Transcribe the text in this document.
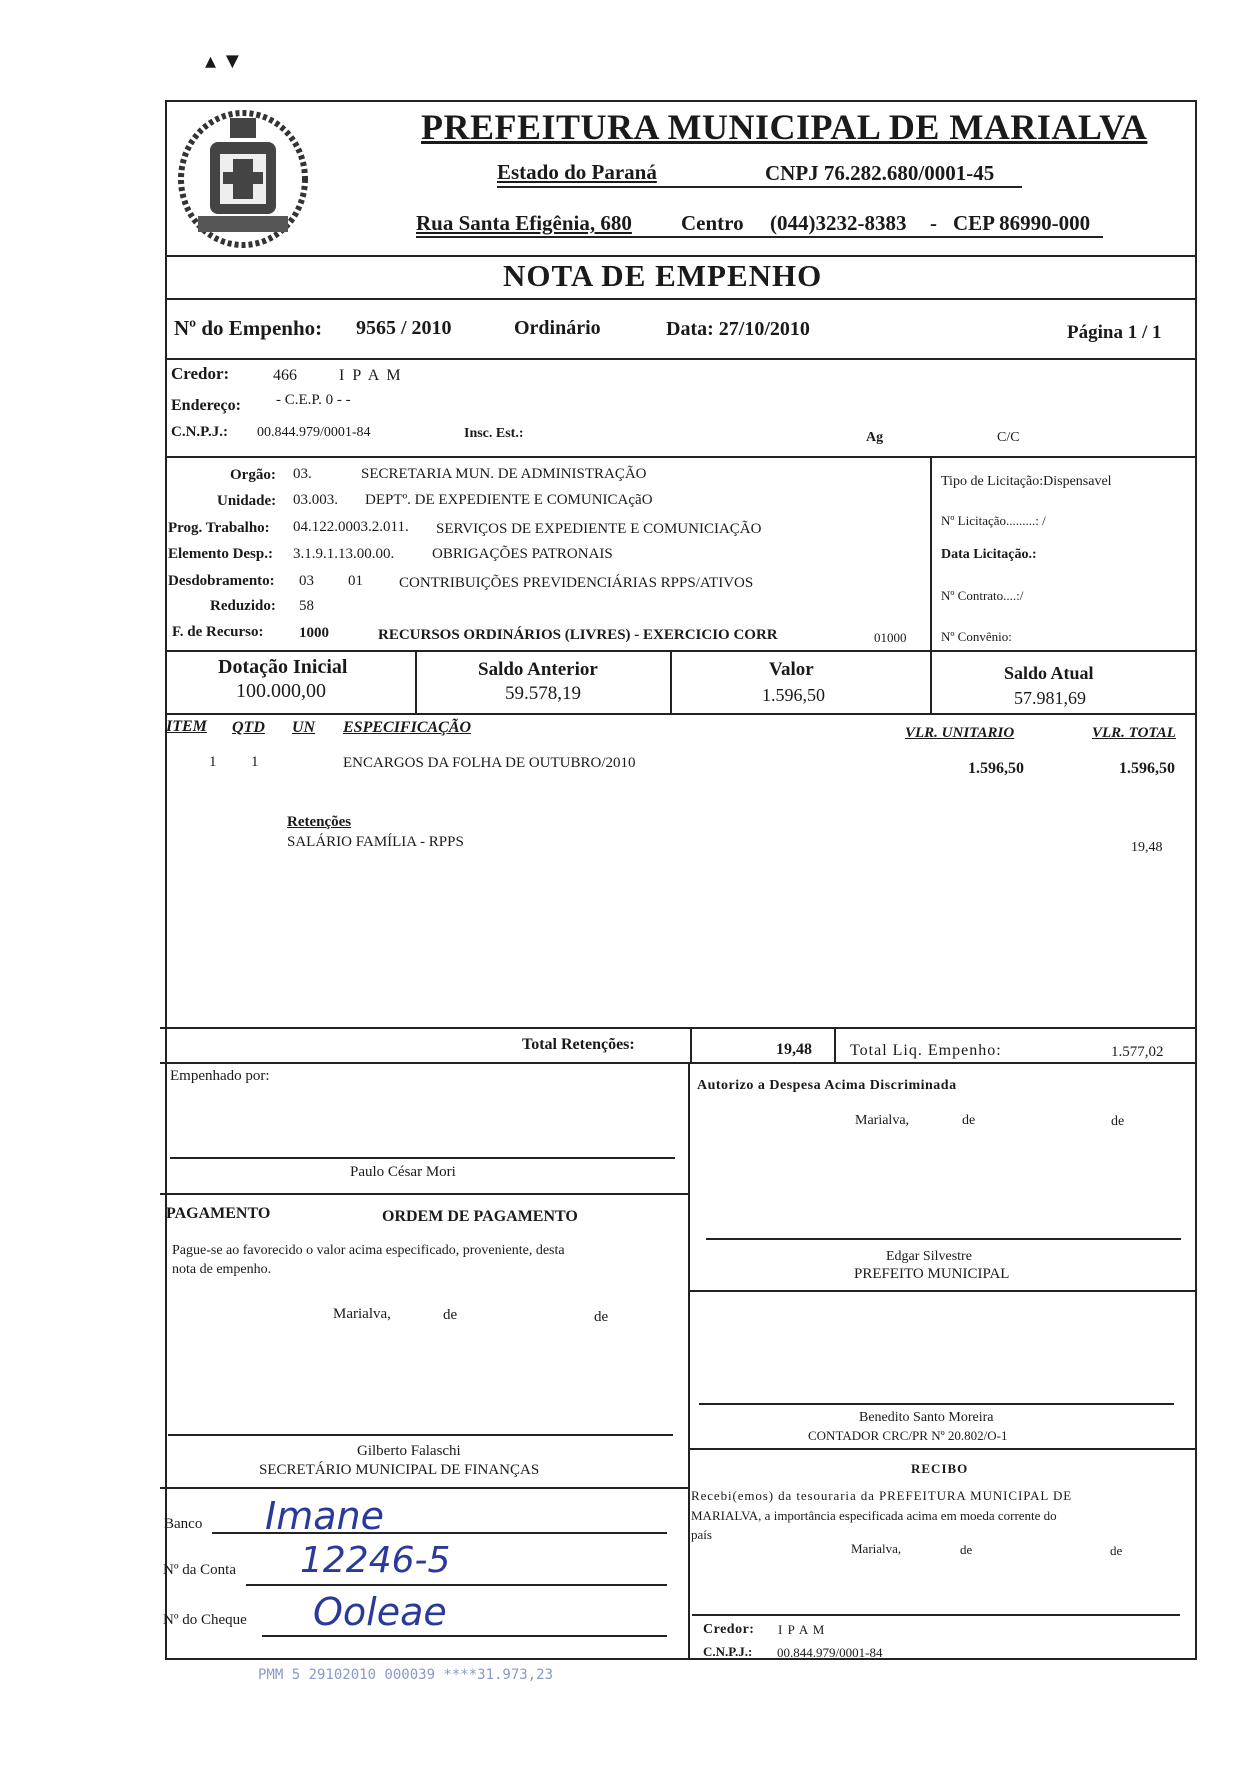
▴ ▼
PREFEITURA MUNICIPAL DE MARIALVA
Estado do Paraná	CNPJ 76.282.680/0001-45
Rua Santa Efigênia, 680 Centro (044)3232-8383 - CEP 86990-000
NOTA DE EMPENHO
Nº do Empenho: 9565 / 2010	Ordinário	Data: 27/10/2010	Página 1 / 1
Credor:	466	I P A M
Endereço: - C.E.P. 0 - -
C.N.P.J.: 00.844.979/0001-84	Insc. Est.:	Ag	C/C
Orgão: 03.	SECRETARIA MUN. DE ADMINISTRAÇÃO
Unidade: 03.003. DEPTº. DE EXPEDIENTE E COMUNICAçãO
Prog. Trabalho: 04.122.0003.2.011. SERVIÇOS DE EXPEDIENTE E COMUNICIAÇÃO
Elemento Desp.: 3.1.9.1.13.00.00.	OBRIGAÇÕES PATRONAIS
Desdobramento: 03 01 CONTRIBUIÇÕES PREVIDENCIÁRIAS RPPS/ATIVOS
Reduzido: 58
F. de Recurso: 1000	RECURSOS ORDINÁRIOS (LIVRES) - EXERCICIO CORR	01000
Tipo de Licitação:Dispensavel
Nº Licitação.........: /
Data Licitação.:
Nº Contrato....:/
Nº Convênio:
Dotação Inicial
100.000,00
Saldo Anterior
59.578,19
Valor
1.596,50
Saldo Atual
57.981,69
ITEM QTD UN ESPECIFICAÇÃO	VLR. UNITARIO	VLR. TOTAL
1 1	ENCARGOS DA FOLHA DE OUTUBRO/2010	1.596,50	1.596,50
Retenções
SALÁRIO FAMÍLIA - RPPS	19,48
Total Retenções:	19,48 Total Liq. Empenho:	1.577,02
Empenhado por:
Paulo César Mori
PAGAMENTO	ORDEM DE PAGAMENTO
Pague-se ao favorecido o valor acima especificado, proveniente, desta
nota de empenho.
Marialva,	de	de
Gilberto Falaschi
SECRETÁRIO MUNICIPAL DE FINANÇAS
Banco Imane
Nº da Conta 12246-5
Nº do Cheque Ooleae
Autorizo a Despesa Acima Discriminada
Marialva,	de	de
Edgar Silvestre
PREFEITO MUNICIPAL
Benedito Santo Moreira
CONTADOR CRC/PR Nº 20.802/O-1
RECIBO
Recebi(emos) da tesouraria da PREFEITURA MUNICIPAL DE
MARIALVA, a importância especificada acima em moeda corrente do
país
Marialva,	de	de
Credor: I P A M
C.N.P.J.: 00.844.979/0001-84
PMM 5 29102010 000039 ****31.973,23
